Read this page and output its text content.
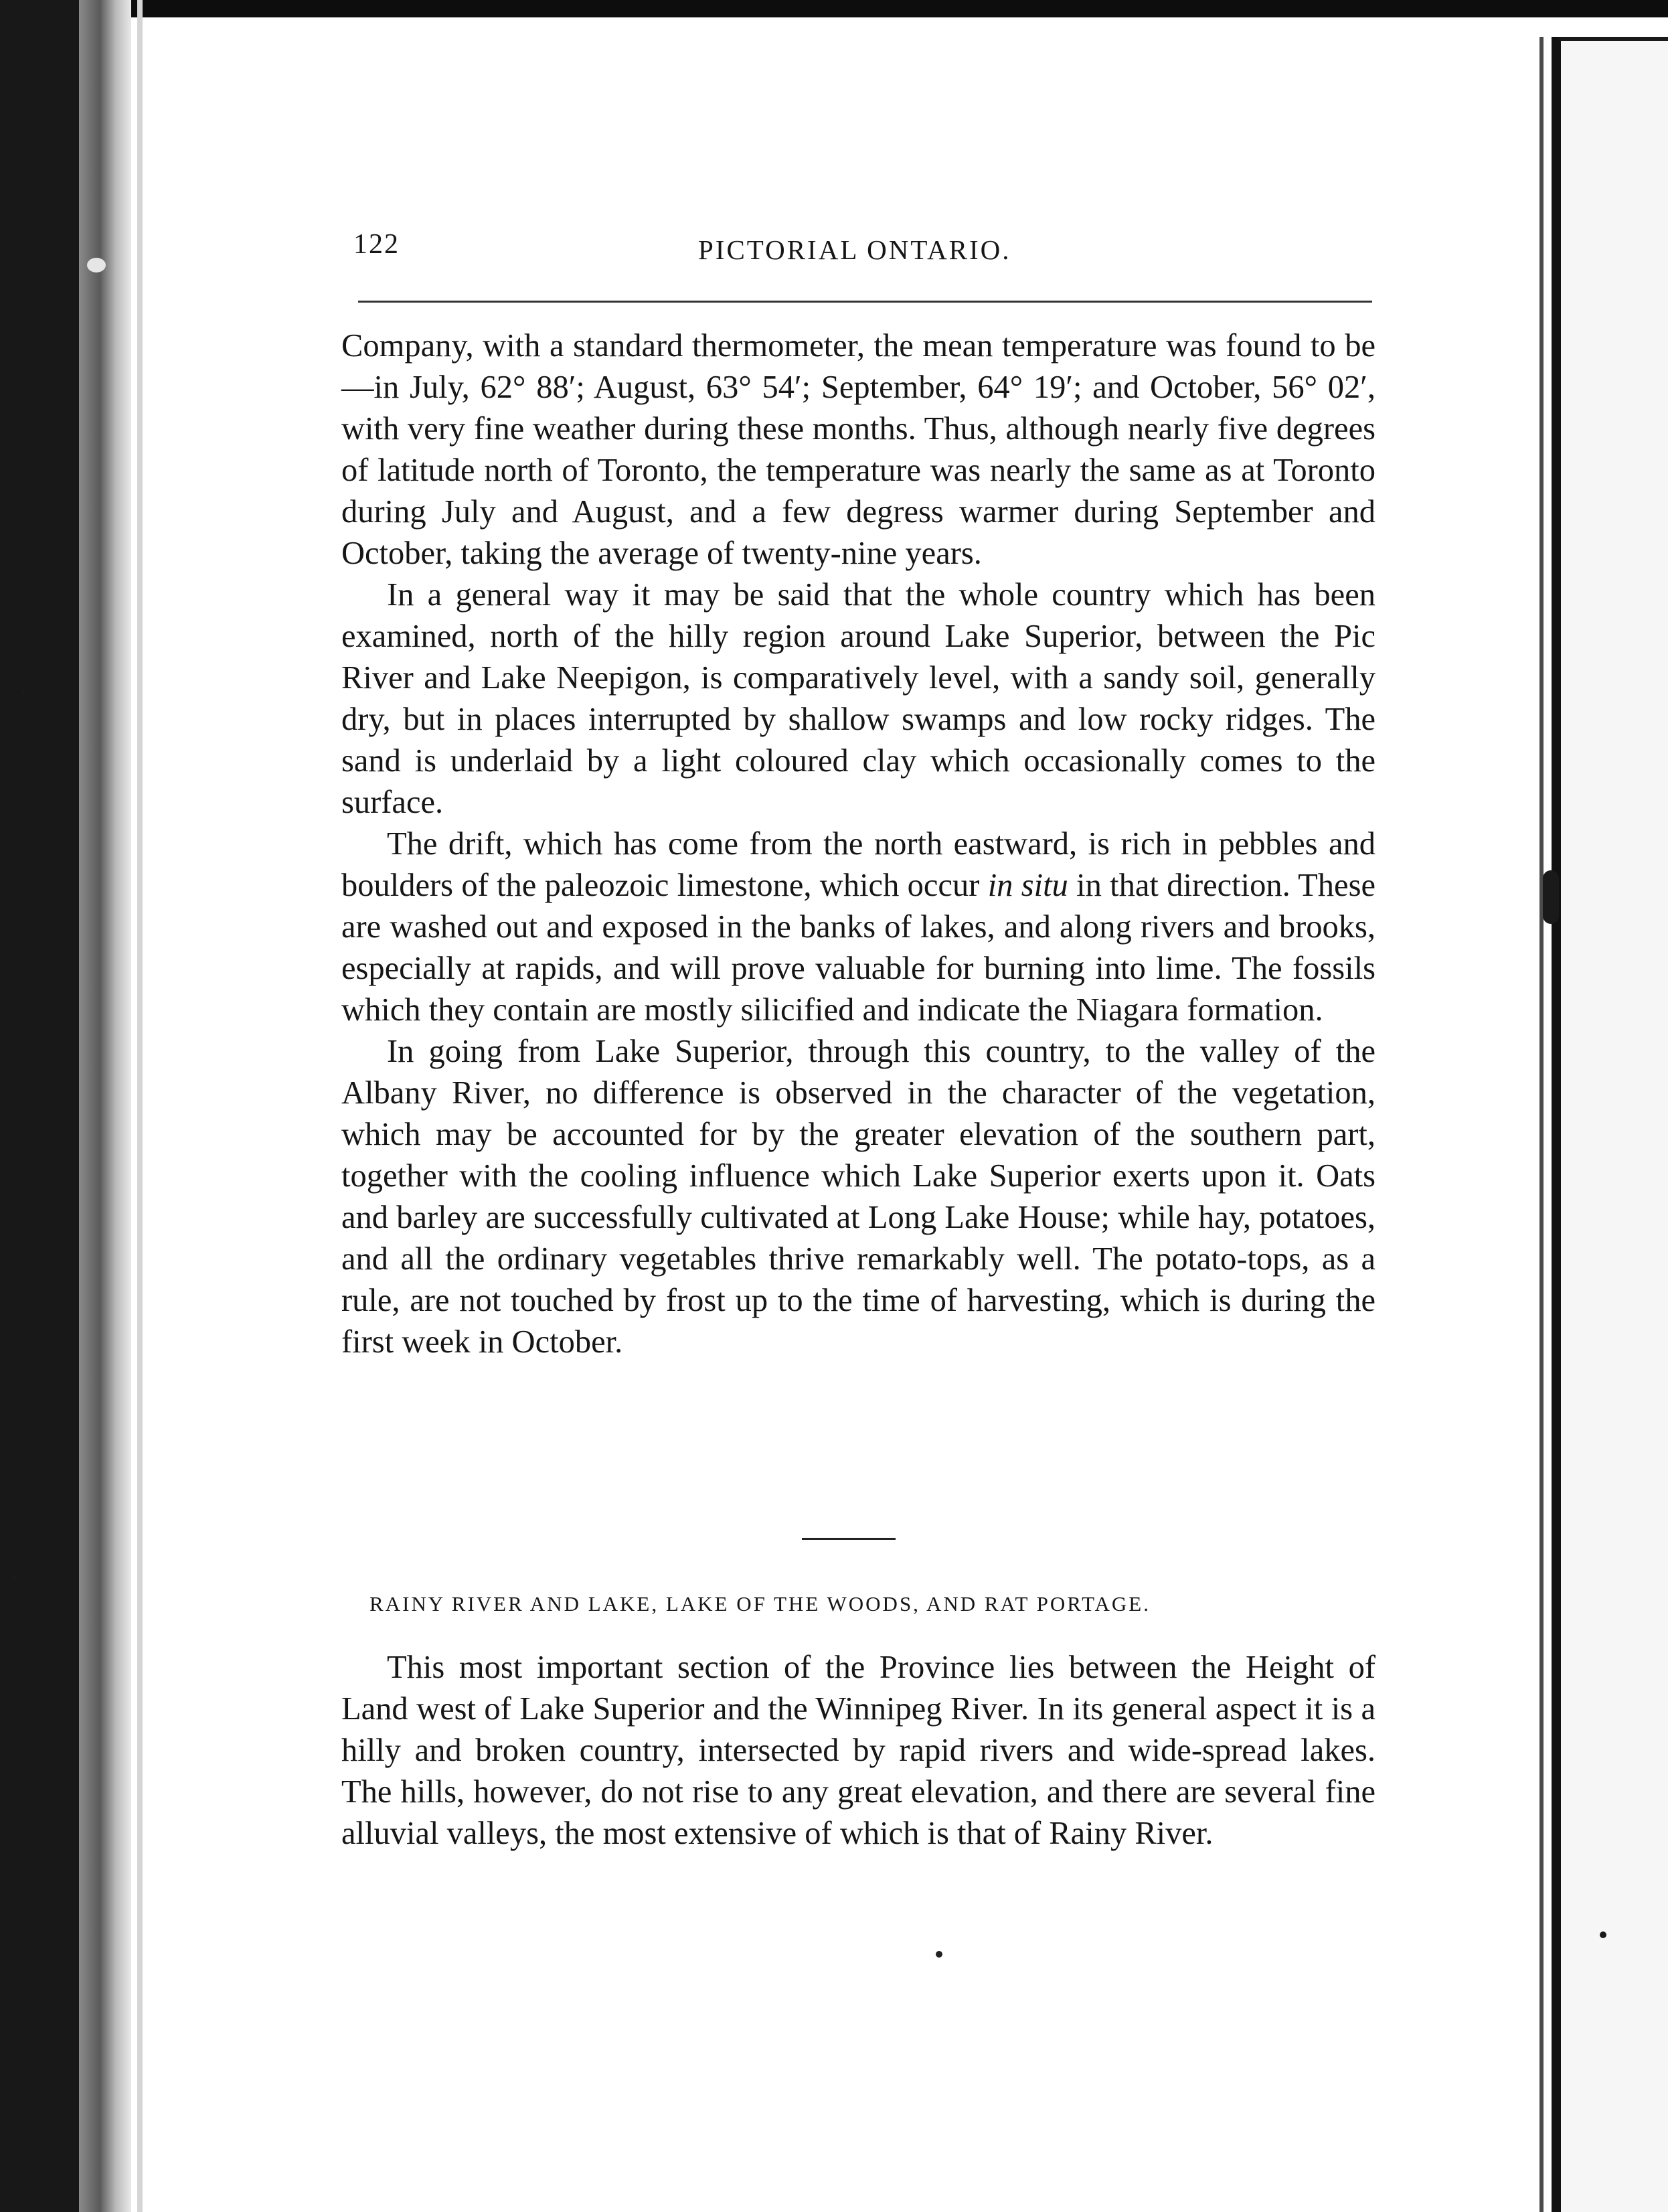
122	PICTORIAL ONTARIO.

Company, with a standard thermometer, the mean temperature was found to be—in July, 62° 88′; August, 63° 54′; September, 64° 19′; and October, 56° 02′, with very fine weather during these months. Thus, although nearly five degrees of latitude north of Toronto, the temperature was nearly the same as at Toronto during July and August, and a few degress warmer during September and October, taking the average of twenty-nine years.

In a general way it may be said that the whole country which has been examined, north of the hilly region around Lake Superior, between the Pic River and Lake Neepigon, is comparatively level, with a sandy soil, generally dry, but in places interrupted by shallow swamps and low rocky ridges. The sand is underlaid by a light coloured clay which occasionally comes to the surface.

The drift, which has come from the north eastward, is rich in pebbles and boulders of the paleozoic limestone, which occur in situ in that direction. These are washed out and exposed in the banks of lakes, and along rivers and brooks, especially at rapids, and will prove valuable for burning into lime. The fossils which they contain are mostly silicified and indicate the Niagara formation.

In going from Lake Superior, through this country, to the valley of the Albany River, no difference is observed in the character of the vegetation, which may be accounted for by the greater elevation of the southern part, together with the cooling influence which Lake Superior exerts upon it. Oats and barley are successfully cultivated at Long Lake House; while hay, potatoes, and all the ordinary vegetables thrive remarkably well. The potato-tops, as a rule, are not touched by frost up to the time of harvesting, which is during the first week in October.

RAINY RIVER AND LAKE, LAKE OF THE WOODS, AND RAT PORTAGE.

This most important section of the Province lies between the Height of Land west of Lake Superior and the Winnipeg River. In its general aspect it is a hilly and broken country, intersected by rapid rivers and wide-spread lakes. The hills, however, do not rise to any great elevation, and there are several fine alluvial valleys, the most extensive of which is that of Rainy River.
